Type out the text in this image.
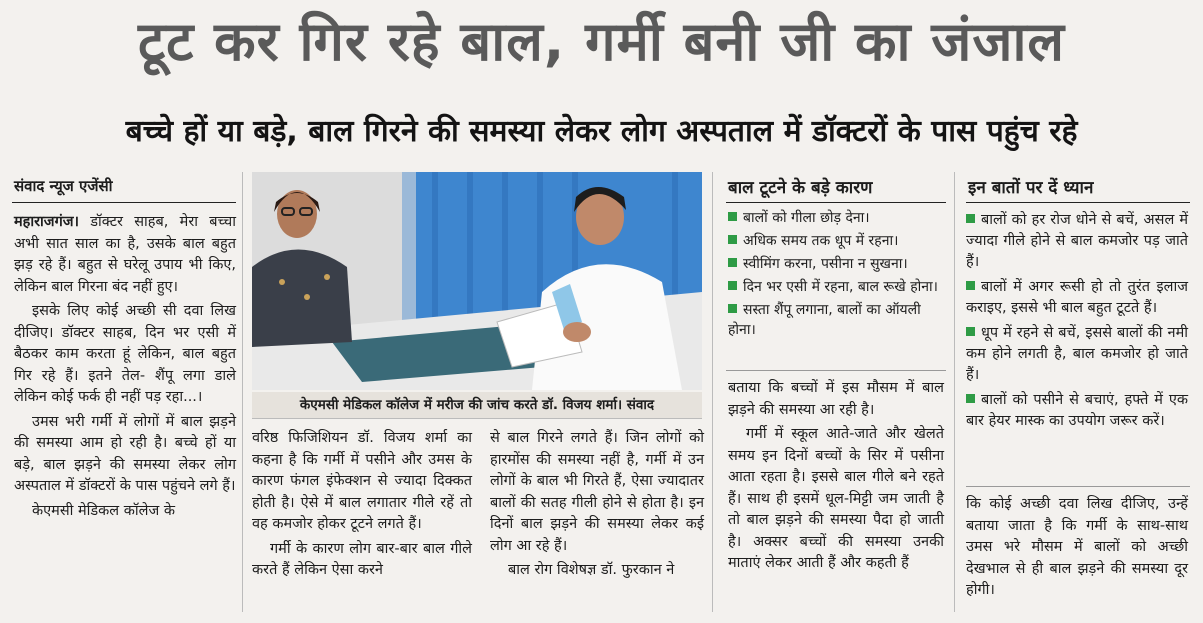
टूट कर गिर रहे बाल, गर्मी बनी जी का जंजाल
बच्चे हों या बड़े, बाल गिरने की समस्या लेकर लोग अस्पताल में डॉक्टरों के पास पहुंच रहे
संवाद न्यूज एजेंसी

महाराजगंज। डॉक्टर साहब, मेरा बच्चा अभी सात साल का है, उसके बाल बहुत झड़ रहे हैं। बहुत से घरेलू उपाय भी किए, लेकिन बाल गिरना बंद नहीं हुए।

इसके लिए कोई अच्छी सी दवा लिख दीजिए। डॉक्टर साहब, दिन भर एसी में बैठकर काम करता हूं लेकिन, बाल बहुत गिर रहे हैं। इतने तेल- शैंपू लगा डाले लेकिन कोई फर्क ही नहीं पड़ रहा...।

उमस भरी गर्मी में लोगों में बाल झड़ने की समस्या आम हो रही है। बच्चे हों या बड़े, बाल झड़ने की समस्या लेकर लोग अस्पताल में डॉक्टरों के पास पहुंचने लगे हैं।

केएमसी मेडिकल कॉलेज के

केएमसी मेडिकल कॉलेज में मरीज की जांच करते डॉ. विजय शर्मा। संवाद

वरिष्ठ फिजिशियन डॉ. विजय शर्मा का कहना है कि गर्मी में पसीने और उमस के कारण फंगल इंफेक्शन से ज्यादा दिक्कत होती है। ऐसे में बाल लगातार गीले रहें तो वह कमजोर होकर टूटने लगते हैं।

गर्मी के कारण लोग बार-बार बाल गीले करते हैं लेकिन ऐसा करने

से बाल गिरने लगते हैं। जिन लोगों को हारमोंस की समस्या नहीं है, गर्मी में उन लोगों के बाल भी गिरते हैं, ऐसा ज्यादातर बालों की सतह गीली होने से होता है। इन दिनों बाल झड़ने की समस्या लेकर कई लोग आ रहे हैं।

बाल रोग विशेषज्ञ डॉ. फुरकान ने

बाल टूटने के बड़े कारण
बालों को गीला छोड़ देना।
अधिक समय तक धूप में रहना।
स्वीमिंग करना, पसीना न सुखना।
दिन भर एसी में रहना, बाल रूखे होना।
सस्ता शैंपू लगाना, बालों का ऑयली होना।

बताया कि बच्चों में इस मौसम में बाल झड़ने की समस्या आ रही है।

गर्मी में स्कूल आते-जाते और खेलते समय इन दिनों बच्चों के सिर में पसीना आता रहता है। इससे बाल गीले बने रहते हैं। साथ ही इसमें धूल-मिट्टी जम जाती है तो बाल झड़ने की समस्या पैदा हो जाती है। अक्सर बच्चों की समस्या उनकी माताएं लेकर आती हैं और कहती हैं

इन बातों पर दें ध्यान
बालों को हर रोज धोने से बचें, असल में ज्यादा गीले होने से बाल कमजोर पड़ जाते हैं।
बालों में अगर रूसी हो तो तुरंत इलाज कराइए, इससे भी बाल बहुत टूटते हैं।
धूप में रहने से बचें, इससे बालों की नमी कम होने लगती है, बाल कमजोर हो जाते हैं।
बालों को पसीने से बचाएं, हफ्ते में एक बार हेयर मास्क का उपयोग जरूर करें।

कि कोई अच्छी दवा लिख दीजिए, उन्हें बताया जाता है कि गर्मी के साथ-साथ उमस भरे मौसम में बालों को अच्छी देखभाल से ही बाल झड़ने की समस्या दूर होगी।
